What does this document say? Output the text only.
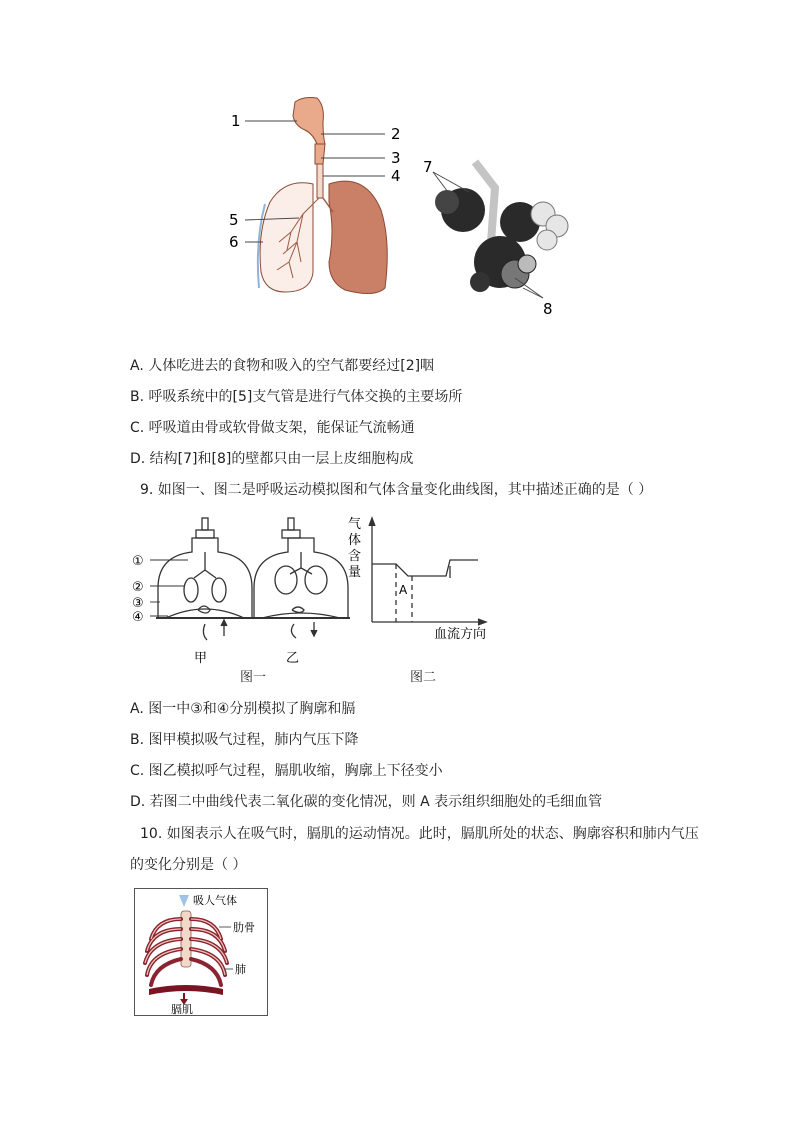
1
2
3
4
5
6
7
8
A. 人体吃进去的食物和吸入的空气都要经过[2]咽
B. 呼吸系统中的[5]支气管是进行气体交换的主要场所
C. 呼吸道由骨或软骨做支架，能保证气流畅通
D. 结构[7]和[8]的壁都只由一层上皮细胞构成
9. 如图一、图二是呼吸运动模拟图和气体含量变化曲线图，其中描述正确的是（ ）
①
②
③
④
甲	乙
气
体
含
量
A
血流方向
图一	图二
A. 图一中③和④分别模拟了胸廓和膈
B. 图甲模拟吸气过程，肺内气压下降
C. 图乙模拟呼气过程，膈肌收缩，胸廓上下径变小
D. 若图二中曲线代表二氧化碳的变化情况，则 A 表示组织细胞处的毛细血管
10. 如图表示人在吸气时，膈肌的运动情况。此时，膈肌所处的状态、胸廓容积和肺内气压
的变化分别是（ ）
吸人气体
肋骨
肺
膈肌
